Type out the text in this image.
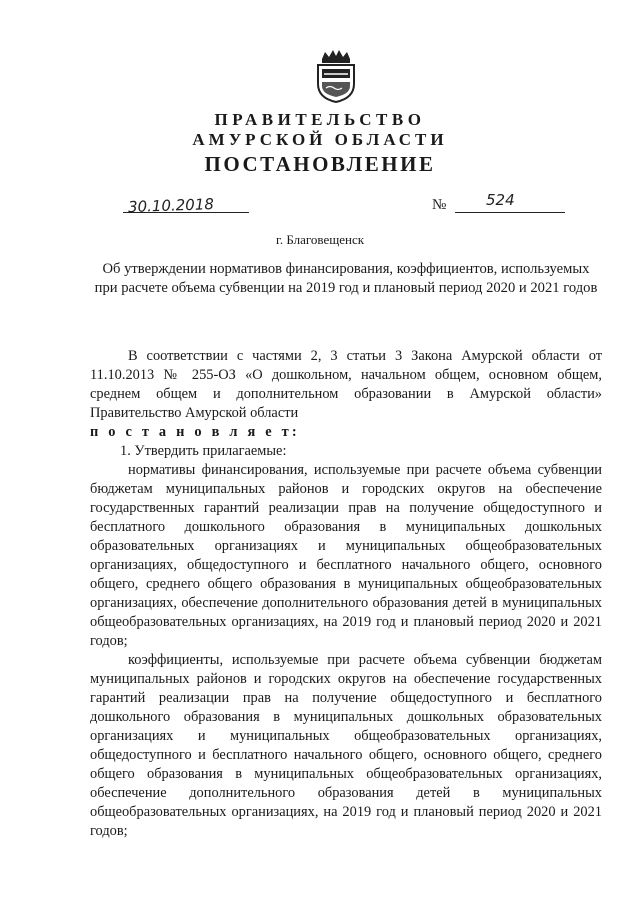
ПРАВИТЕЛЬСТВО
АМУРСКОЙ ОБЛАСТИ
ПОСТАНОВЛЕНИЕ
30.10.2018	№	524
г. Благовещенск
Об утверждении нормативов финансирования, коэффициентов, используемых при расчете объема субвенции на 2019 год и плановый период 2020 и 2021 годов

В соответствии с частями 2, 3 статьи 3 Закона Амурской области от 11.10.2013 № 255-ОЗ «О дошкольном, начальном общем, основном общем, среднем общем и дополнительном образовании в Амурской области» Правительство Амурской области

п о с т а н о в л я е т:

1. Утвердить прилагаемые:

нормативы финансирования, используемые при расчете объема субвенции бюджетам муниципальных районов и городских округов на обеспечение государственных гарантий реализации прав на получение общедоступного и бесплатного дошкольного образования в муниципальных дошкольных образовательных организациях и муниципальных общеобразовательных организациях, общедоступного и бесплатного начального общего, основного общего, среднего общего образования в муниципальных общеобразовательных организациях, обеспечение дополнительного образования детей в муниципальных общеобразовательных организациях, на 2019 год и плановый период 2020 и 2021 годов;

коэффициенты, используемые при расчете объема субвенции бюджетам муниципальных районов и городских округов на обеспечение государственных гарантий реализации прав на получение общедоступного и бесплатного дошкольного образования в муниципальных дошкольных образовательных организациях и муниципальных общеобразовательных организациях, общедоступного и бесплатного начального общего, основного общего, среднего общего образования в муниципальных общеобразовательных организациях, обеспечение дополнительного образования детей в муниципальных общеобразовательных организациях, на 2019 год и плановый период 2020 и 2021 годов;
